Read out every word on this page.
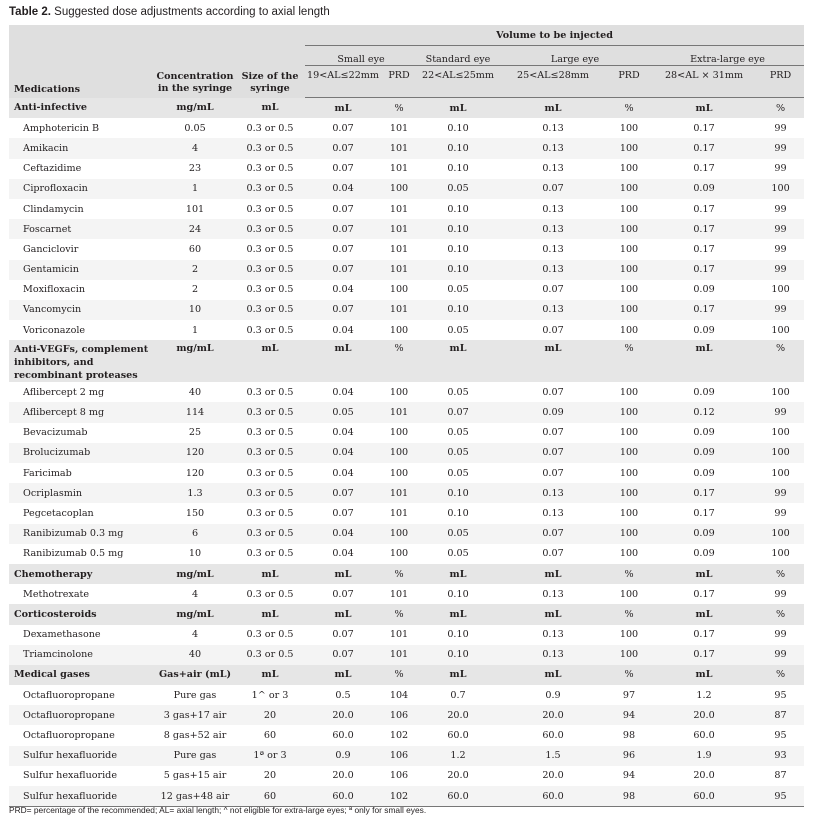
Table 2. Suggested dose adjustments according to axial length
Medications	Concentration in the syringe	Size of the syringe	Volume to be injected						
			Small eye		Standard eye	Large eye		Extra-large eye	
			19<AL≤22mm	PRD	22<AL≤25mm	25<AL≤28mm	PRD	28<AL × 31mm	PRD

Anti-infective	mg/mL	mL	mL	%	mL	mL	%	mL	%
Amphotericin B	0.05	0.3 or 0.5	0.07	101	0.10	0.13	100	0.17	99
Amikacin	4	0.3 or 0.5	0.07	101	0.10	0.13	100	0.17	99
Ceftazidime	23	0.3 or 0.5	0.07	101	0.10	0.13	100	0.17	99
Ciprofloxacin	1	0.3 or 0.5	0.04	100	0.05	0.07	100	0.09	100
Clindamycin	101	0.3 or 0.5	0.07	101	0.10	0.13	100	0.17	99
Foscarnet	24	0.3 or 0.5	0.07	101	0.10	0.13	100	0.17	99
Ganciclovir	60	0.3 or 0.5	0.07	101	0.10	0.13	100	0.17	99
Gentamicin	2	0.3 or 0.5	0.07	101	0.10	0.13	100	0.17	99
Moxifloxacin	2	0.3 or 0.5	0.04	100	0.05	0.07	100	0.09	100
Vancomycin	10	0.3 or 0.5	0.07	101	0.10	0.13	100	0.17	99
Voriconazole	1	0.3 or 0.5	0.04	100	0.05	0.07	100	0.09	100
Anti-VEGFs, complement inhibitors, and recombinant proteases	mg/mL	mL	mL	%	mL	mL	%	mL	%
Aflibercept 2 mg	40	0.3 or 0.5	0.04	100	0.05	0.07	100	0.09	100
Aflibercept 8 mg	114	0.3 or 0.5	0.05	101	0.07	0.09	100	0.12	99
Bevacizumab	25	0.3 or 0.5	0.04	100	0.05	0.07	100	0.09	100
Brolucizumab	120	0.3 or 0.5	0.04	100	0.05	0.07	100	0.09	100
Faricimab	120	0.3 or 0.5	0.04	100	0.05	0.07	100	0.09	100
Ocriplasmin	1.3	0.3 or 0.5	0.07	101	0.10	0.13	100	0.17	99
Pegcetacoplan	150	0.3 or 0.5	0.07	101	0.10	0.13	100	0.17	99
Ranibizumab 0.3 mg	6	0.3 or 0.5	0.04	100	0.05	0.07	100	0.09	100
Ranibizumab 0.5 mg	10	0.3 or 0.5	0.04	100	0.05	0.07	100	0.09	100
Chemotherapy	mg/mL	mL	mL	%	mL	mL	%	mL	%
Methotrexate	4	0.3 or 0.5	0.07	101	0.10	0.13	100	0.17	99
Corticosteroids	mg/mL	mL	mL	%	mL	mL	%	mL	%
Dexamethasone	4	0.3 or 0.5	0.07	101	0.10	0.13	100	0.17	99
Triamcinolone	40	0.3 or 0.5	0.07	101	0.10	0.13	100	0.17	99
Medical gases	Gas+air (mL)	mL	mL	%	mL	mL	%	mL	%
Octafluoropropane	Pure gas	1^ or 3	0.5	104	0.7	0.9	97	1.2	95
Octafluoropropane	3 gas+17 air	20	20.0	106	20.0	20.0	94	20.0	87
Octafluoropropane	8 gas+52 air	60	60.0	102	60.0	60.0	98	60.0	95
Sulfur hexafluoride	Pure gas	1ª or 3	0.9	106	1.2	1.5	96	1.9	93
Sulfur hexafluoride	5 gas+15 air	20	20.0	106	20.0	20.0	94	20.0	87
Sulfur hexafluoride	12 gas+48 air	60	60.0	102	60.0	60.0	98	60.0	95
PRD= percentage of the recommended; AL= axial length; ^ not eligible for extra-large eyes; ª only for small eyes.
